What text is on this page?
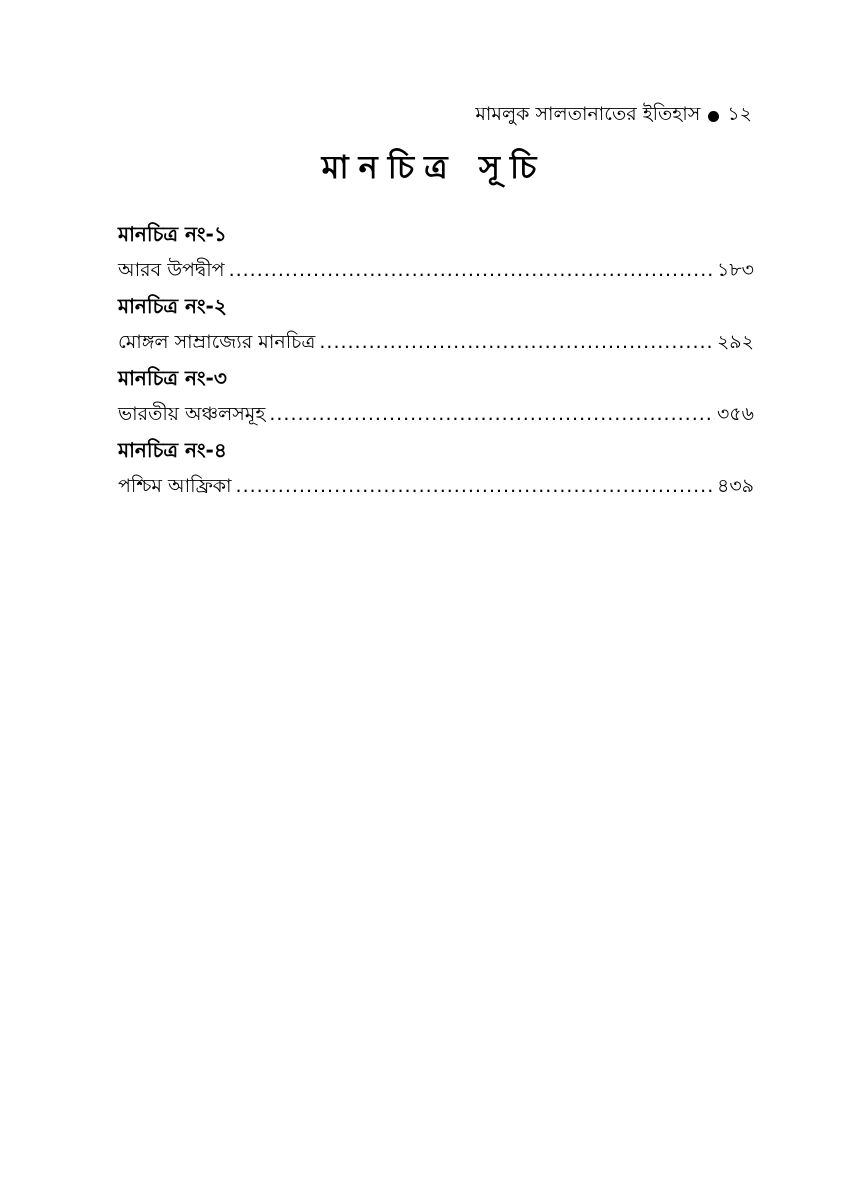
মামলুক সালতানাতের ইতিহাস ১২
মানচিত্র সূচি
মানচিত্র নং-১
আরব উপদ্বীপ .....	১৮৩
মানচিত্র নং-২
মোঙ্গল সাম্রাজ্যের মানচিত্র .....	২৯২
মানচিত্র নং-৩
ভারতীয় অঞ্চলসমূহ .....	৩৫৬
মানচিত্র নং-৪
পশ্চিম আফ্রিকা .....	৪৩৯
